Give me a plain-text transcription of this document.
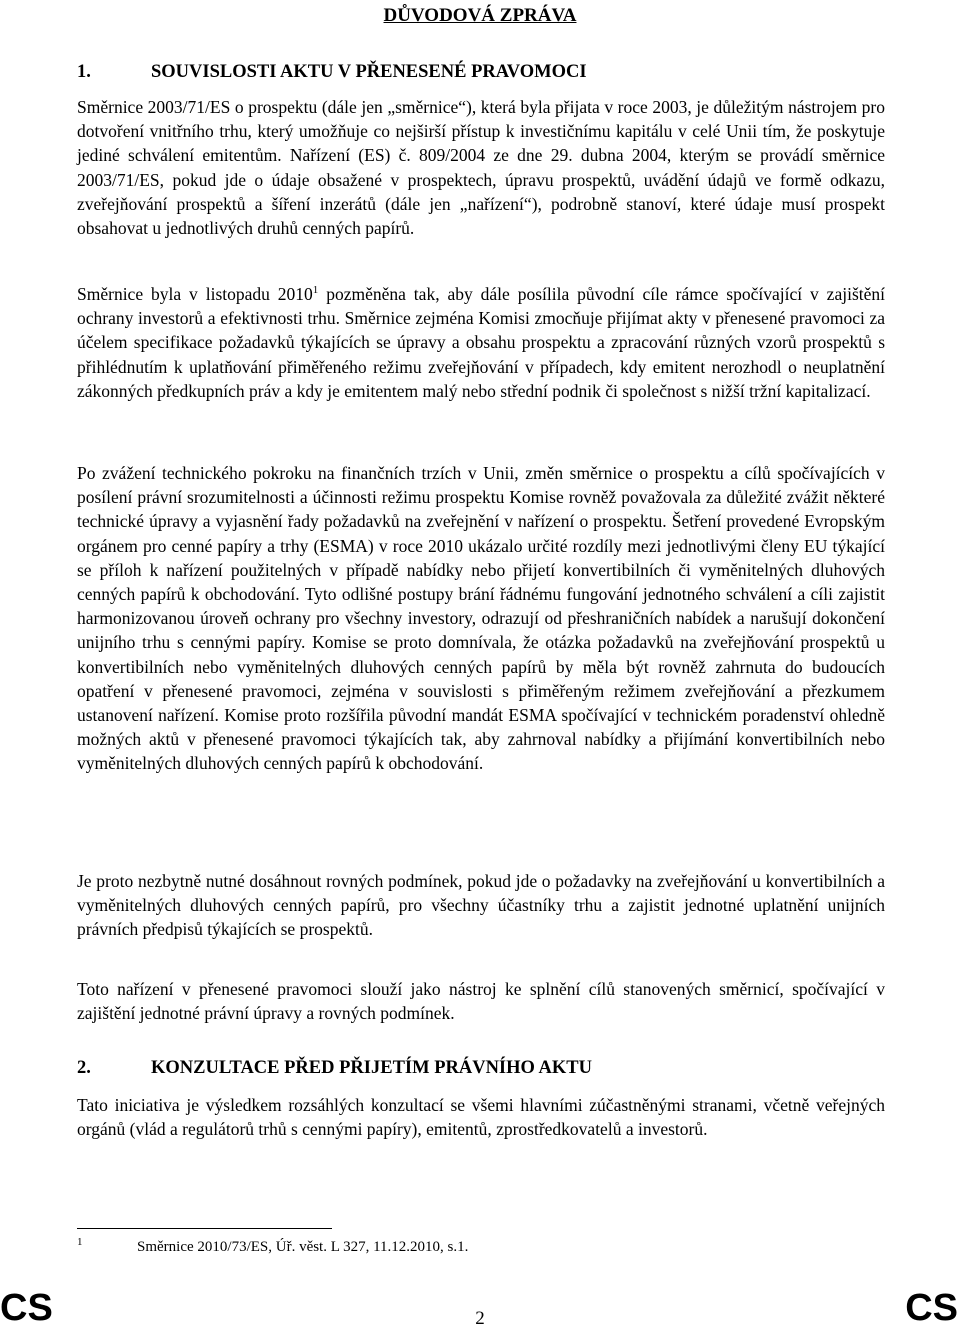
DŮVODOVÁ ZPRÁVA
1.	SOUVISLOSTI AKTU V PŘENESENÉ PRAVOMOCI
Směrnice 2003/71/ES o prospektu (dále jen „směrnice“), která byla přijata v roce 2003, je důležitým nástrojem pro dotvoření vnitřního trhu, který umožňuje co nejširší přístup k investičnímu kapitálu v celé Unii tím, že poskytuje jediné schválení emitentům. Nařízení (ES) č. 809/2004 ze dne 29. dubna 2004, kterým se provádí směrnice 2003/71/ES, pokud jde o údaje obsažené v prospektech, úpravu prospektů, uvádění údajů ve formě odkazu, zveřejňování prospektů a šíření inzerátů (dále jen „nařízení“), podrobně stanoví, které údaje musí prospekt obsahovat u jednotlivých druhů cenných papírů.
Směrnice byla v listopadu 2010$^1$ pozměněna tak, aby dále posílila původní cíle rámce spočívající v zajištění ochrany investorů a efektivnosti trhu. Směrnice zejména Komisi zmocňuje přijímat akty v přenesené pravomoci za účelem specifikace požadavků týkajících se úpravy a obsahu prospektu a zpracování různých vzorů prospektů s přihlédnutím k uplatňování přiměřeného režimu zveřejňování v případech, kdy emitent nerozhodl o neuplatnění zákonných předkupních práv a kdy je emitentem malý nebo střední podnik či společnost s nižší tržní kapitalizací.
Po zvážení technického pokroku na finančních trzích v Unii, změn směrnice o prospektu a cílů spočívajících v posílení právní srozumitelnosti a účinnosti režimu prospektu Komise rovněž považovala za důležité zvážit některé technické úpravy a vyjasnění řady požadavků na zveřejnění v nařízení o prospektu. Šetření provedené Evropským orgánem pro cenné papíry a trhy (ESMA) v roce 2010 ukázalo určité rozdíly mezi jednotlivými členy EU týkající se příloh k nařízení použitelných v případě nabídky nebo přijetí konvertibilních či vyměnitelných dluhových cenných papírů k obchodování. Tyto odlišné postupy brání řádnému fungování jednotného schválení a cíli zajistit harmonizovanou úroveň ochrany pro všechny investory, odrazují od přeshraničních nabídek a narušují dokončení unijního trhu s cennými papíry. Komise se proto domnívala, že otázka požadavků na zveřejňování prospektů u konvertibilních nebo vyměnitelných dluhových cenných papírů by měla být rovněž zahrnuta do budoucích opatření v přenesené pravomoci, zejména v souvislosti s přiměřeným režimem zveřejňování a přezkumem ustanovení nařízení. Komise proto rozšířila původní mandát ESMA spočívající v technickém poradenství ohledně možných aktů v přenesené pravomoci týkajících tak, aby zahrnoval nabídky a přijímání konvertibilních nebo vyměnitelných dluhových cenných papírů k obchodování.
Je proto nezbytně nutné dosáhnout rovných podmínek, pokud jde o požadavky na zveřejňování u konvertibilních a vyměnitelných dluhových cenných papírů, pro všechny účastníky trhu a zajistit jednotné uplatnění unijních právních předpisů týkajících se prospektů.
Toto nařízení v přenesené pravomoci slouží jako nástroj ke splnění cílů stanovených směrnicí, spočívající v zajištění jednotné právní úpravy a rovných podmínek.
2.	KONZULTACE PŘED PŘIJETÍM PRÁVNÍHO AKTU
Tato iniciativa je výsledkem rozsáhlých konzultací se všemi hlavními zúčastněnými stranami, včetně veřejných orgánů (vlád a regulátorů trhů s cennými papíry), emitentů, zprostředkovatelů a investorů.
1	Směrnice 2010/73/ES, Úř. věst. L 327, 11.12.2010, s.1.
CS	2	CS
